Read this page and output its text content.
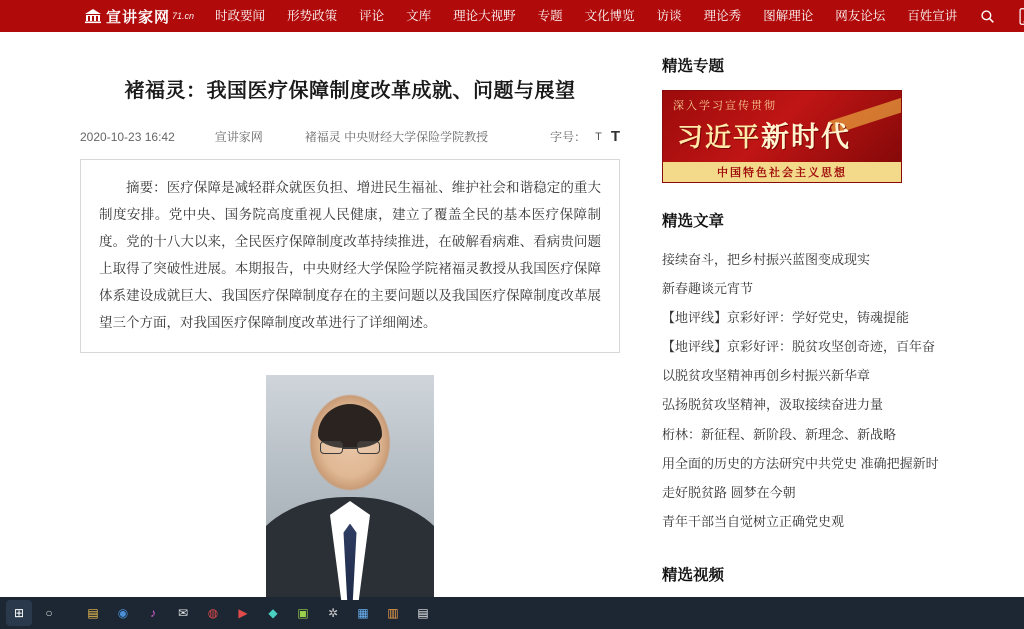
宣讲家网 71.cn	时政要闻	形势政策	评论	文库	理论大视野	专题	文化博览	访谈	理论秀	图解理论	网友论坛	百姓宣讲
褚福灵：我国医疗保障制度改革成就、问题与展望
2020-10-23 16:42	宣讲家网	褚福灵 中央财经大学保险学院教授	字号： T T

摘要：医疗保障是减轻群众就医负担、增进民生福祉、维护社会和谐稳定的重大制度安排。党中央、国务院高度重视人民健康，建立了覆盖全民的基本医疗保障制度。党的十八大以来，全民医疗保障制度改革持续推进，在破解看病难、看病贵问题上取得了突破性进展。本期报告，中央财经大学保险学院褚福灵教授从我国医疗保障体系建设成就巨大、我国医疗保障制度存在的主要问题以及我国医疗保障制度改革展望三个方面，对我国医疗保障制度改革进行了详细阐述。

精选专题
深入学习宣传贯彻
习近平新时代
中国特色社会主义思想
精选文章
接续奋斗，把乡村振兴蓝图变成现实
新春趣谈元宵节
【地评线】京彩好评：学好党史，铸魂提能
【地评线】京彩好评：脱贫攻坚创奇迹，百年奋
以脱贫攻坚精神再创乡村振兴新华章
弘扬脱贫攻坚精神，汲取接续奋进力量
桁林：新征程、新阶段、新理念、新战略
用全面的历史的方法研究中共党史 准确把握新时
走好脱贫路 圆梦在今朝
青年干部当自觉树立正确党史观
精选视频
⊞	○	▤	◉	♪	✉	◍	▶	◆	▣	✲	▦	▥	▤
